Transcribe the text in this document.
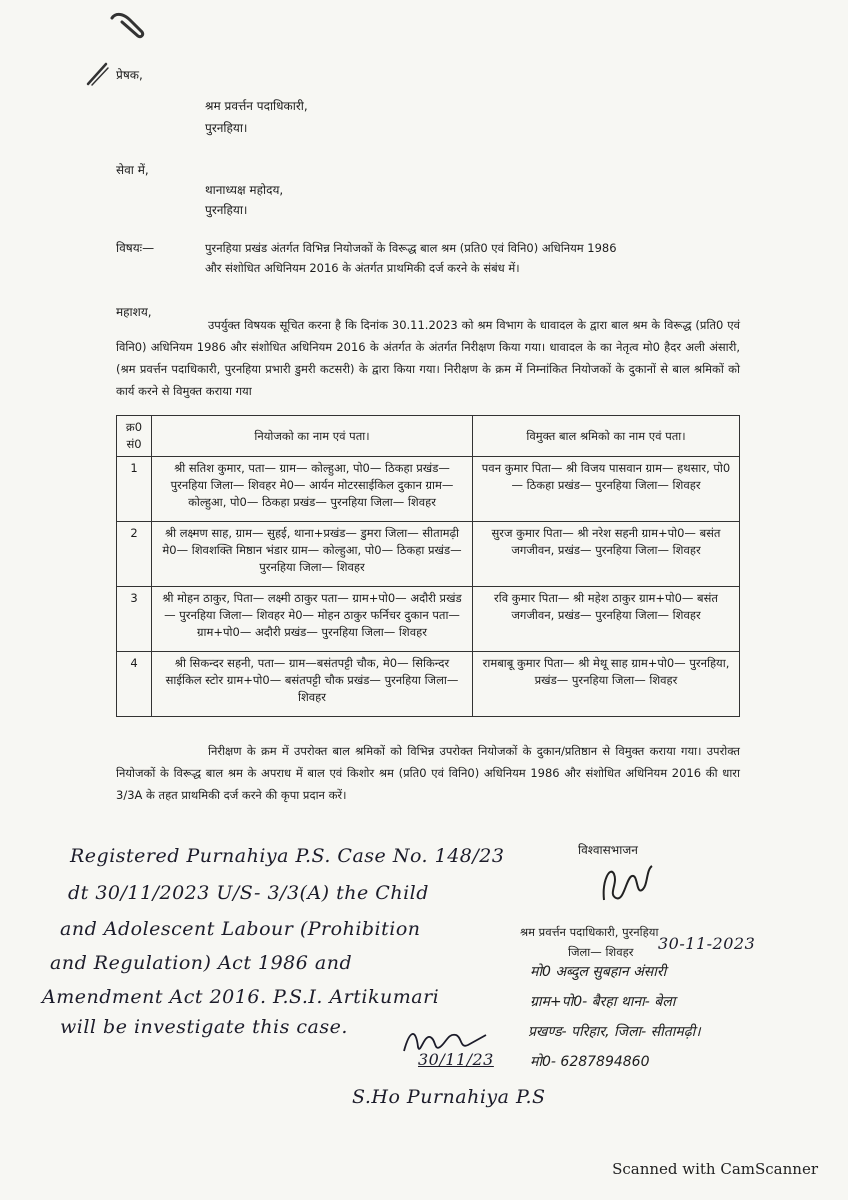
प्रेषक,
श्रम प्रवर्त्तन पदाधिकारी,
पुरनहिया।
सेवा में,
थानाध्यक्ष महोदय,
पुरनहिया।
विषयः—	पुरनहिया प्रखंड अंतर्गत विभिन्न नियोजकों के विरूद्ध बाल श्रम (प्रति0 एवं विनि0) अधिनियम 1986
और संशोधित अधिनियम 2016 के अंतर्गत प्राथमिकी दर्ज करने के संबंध में।
महाशय,
उपर्युक्त विषयक सूचित करना है कि दिनांक 30.11.2023 को श्रम विभाग के धावादल के द्वारा बाल श्रम के विरूद्ध (प्रति0 एवं विनि0) अधिनियम 1986 और संशोधित अधिनियम 2016 के अंतर्गत के अंतर्गत निरीक्षण किया गया। धावादल के का नेतृत्व मो0 हैदर अली अंसारी, (श्रम प्रवर्त्तन पदाधिकारी, पुरनहिया प्रभारी डुमरी कटसरी) के द्वारा किया गया। निरीक्षण के क्रम में निम्नांकित नियोजकों के दुकानों से बाल श्रमिकों को कार्य करने से विमुक्त कराया गया
क्र0 सं0	नियोजको का नाम एवं पता।	विमुक्त बाल श्रमिको का नाम एवं पता।
1	श्री सतिश कुमार, पता— ग्राम— कोल्हुआ, पो0— ठिकहा प्रखंड— पुरनहिया जिला— शिवहर मे0— आर्यन मोटरसाईकिल दुकान ग्राम— कोल्हुआ, पो0— ठिकहा प्रखंड— पुरनहिया जिला— शिवहर	पवन कुमार पिता— श्री विजय पासवान ग्राम— हथसार, पो0— ठिकहा प्रखंड— पुरनहिया जिला— शिवहर
2	श्री लक्ष्मण साह, ग्राम— सुहई, थाना+प्रखंड— डुमरा जिला— सीतामढ़ी मे0— शिवशक्ति मिष्ठान भंडार ग्राम— कोल्हुआ, पो0— ठिकहा प्रखंड— पुरनहिया जिला— शिवहर	सुरज कुमार पिता— श्री नरेश सहनी ग्राम+पो0— बसंत जगजीवन, प्रखंड— पुरनहिया जिला— शिवहर
3	श्री मोहन ठाकुर, पिता— लक्ष्मी ठाकुर पता— ग्राम+पो0— अदौरी प्रखंड— पुरनहिया जिला— शिवहर मे0— मोहन ठाकुर फर्निचर दुकान पता— ग्राम+पो0— अदौरी प्रखंड— पुरनहिया जिला— शिवहर	रवि कुमार पिता— श्री महेश ठाकुर ग्राम+पो0— बसंत जगजीवन, प्रखंड— पुरनहिया जिला— शिवहर
4	श्री सिकन्दर सहनी, पता— ग्राम—बसंतपट्टी चौक, मे0— सिकिन्दर साईकिल स्टोर ग्राम+पो0— बसंतपट्टी चौक प्रखंड— पुरनहिया जिला— शिवहर	रामबाबू कुमार पिता— श्री मेथू साह ग्राम+पो0— पुरनहिया, प्रखंड— पुरनहिया जिला— शिवहर
निरीक्षण के क्रम में उपरोक्त बाल श्रमिकों को विभिन्न उपरोक्त नियोजकों के दुकान/प्रतिष्ठान से विमुक्त कराया गया। उपरोक्त नियोजकों के विरूद्ध बाल श्रम के अपराध में बाल एवं किशोर श्रम (प्रति0 एवं विनि0) अधिनियम 1986 और संशोधित अधिनियम 2016 की धारा 3/3A के तहत प्राथमिकी दर्ज करने की कृपा प्रदान करें।
विश्वासभाजन
श्रम प्रवर्त्तन पदाधिकारी, पुरनहिया
जिला— शिवहर
Registered Purnahiya P.S. Case No. 148/23
dt 30/11/2023 U/S- 3/3(A) the Child
and Adolescent Labour (Prohibition
and Regulation) Act 1986 and
Amendment Act 2016. P.S.I. Artikumari
will be investigate this case.
30/11/23
S.Ho Purnahiya P.S
30-11-2023
मो0 अब्दुल सुबहान अंसारी
ग्राम+पो0- बैरहा थाना- बेला
प्रखण्ड- परिहार, जिला- सीतामढ़ी।
मो0- 6287894860
Scanned with CamScanner
